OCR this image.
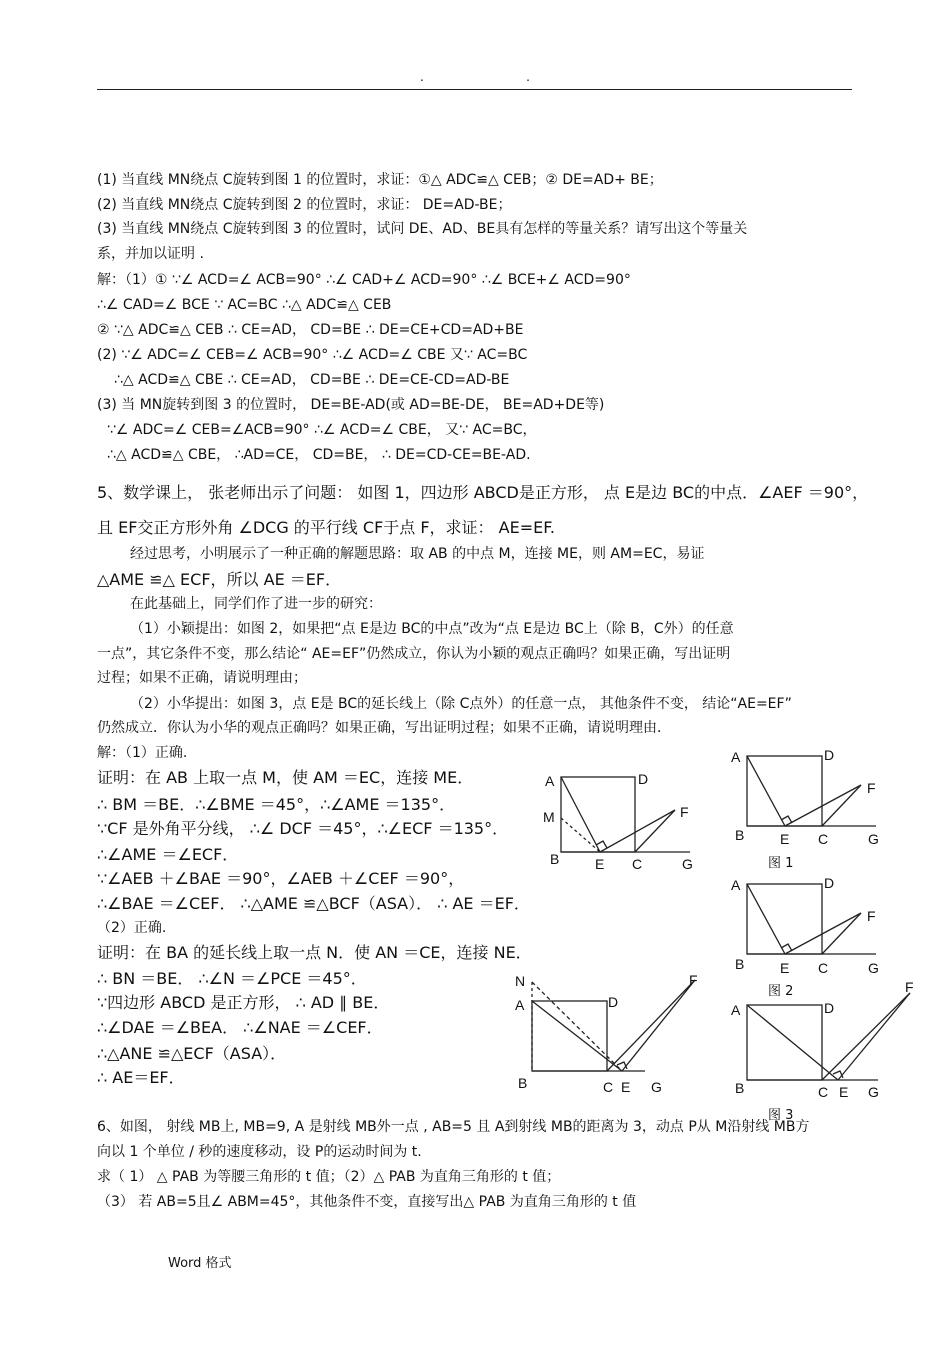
.	.
(1) 当直线 MN绕点 C旋转到图 1 的位置时，求证：①△ ADC≌△ CEB；② DE=AD+ BE；
(2) 当直线 MN绕点 C旋转到图 2 的位置时，求证： DE=AD-BE；
(3) 当直线 MN绕点 C旋转到图 3 的位置时，试问 DE、AD、BE具有怎样的等量关系？请写出这个等量关
系，并加以证明 .
解：（1）① ∵∠ ACD=∠ ACB=90° ∴∠ CAD+∠ ACD=90° ∴∠ BCE+∠ ACD=90°
∴∠ CAD=∠ BCE ∵ AC=BC ∴△ ADC≌△ CEB
② ∵△ ADC≌△ CEB ∴ CE=AD， CD=BE ∴ DE=CE+CD=AD+BE
(2) ∵∠ ADC=∠ CEB=∠ ACB=90° ∴∠ ACD=∠ CBE 又∵ AC=BC
∴△ ACD≌△ CBE ∴ CE=AD， CD=BE ∴ DE=CE-CD=AD-BE
(3) 当 MN旋转到图 3 的位置时， DE=BE-AD(或 AD=BE-DE， BE=AD+DE等)
∵∠ ADC=∠ CEB=∠ACB=90° ∴∠ ACD=∠ CBE， 又∵ AC=BC，
∴△ ACD≌△ CBE， ∴AD=CE， CD=BE， ∴ DE=CD-CE=BE-AD.
5、数学课上， 张老师出示了问题： 如图 1，四边形 ABCD是正方形， 点 E是边 BC的中点．∠AEF ＝90°，
且 EF交正方形外角 ∠DCG 的平行线 CF于点 F，求证： AE=EF.
经过思考，小明展示了一种正确的解题思路：取 AB 的中点 M，连接 ME，则 AM=EC，易证
△AME ≌△ ECF，所以 AE ＝EF．
在此基础上，同学们作了进一步的研究：
（1）小颖提出：如图 2，如果把“点 E是边 BC的中点”改为“点 E是边 BC上（除 B，C外）的任意
一点”，其它条件不变，那么结论“ AE=EF”仍然成立，你认为小颖的观点正确吗？如果正确，写出证明
过程；如果不正确，请说明理由；
（2）小华提出：如图 3，点 E是 BC的延长线上（除 C点外）的任意一点， 其他条件不变， 结论“AE=EF”
仍然成立．你认为小华的观点正确吗？如果正确，写出证明过程；如果不正确，请说明理由．
解：（1）正确.
证明：在 AB 上取一点 M，使 AM ＝EC，连接 ME．
∴ BM ＝BE．∴∠BME ＝45°，∴∠AME ＝135°．
∵CF 是外角平分线， ∴∠ DCF ＝45°，∴∠ECF ＝135°．
∴∠AME ＝∠ECF．
∵∠AEB ＋∠BAE ＝90°，∠AEB ＋∠CEF ＝90°，
∴∠BAE ＝∠CEF． ∴△AME ≌△BCF（ASA）． ∴ AE ＝EF．
（2）正确.
证明：在 BA 的延长线上取一点 N．使 AN ＝CE，连接 NE．
∴ BN ＝BE． ∴∠N ＝∠PCE ＝45°．
∵四边形 ABCD 是正方形， ∴ AD ∥ BE．
∴∠DAE ＝∠BEA． ∴∠NAE ＝∠CEF．
∴△ANE ≌△ECF（ASA）．
∴ AE＝EF．
6、如图， 射线 MB上, MB=9, A 是射线 MB外一点 , AB=5 且 A到射线 MB的距离为 3，动点 P从 M沿射线 MB方
向以 1 个单位 / 秒的速度移动，设 P的运动时间为 t.
求（ 1） △ PAB 为等腰三角形的 t 值；（2）△ PAB 为直角三角形的 t 值；
（3） 若 AB=5且∠ ABM=45°，其他条件不变，直接写出△ PAB 为直角三角形的 t 值
A	D
M	F
B	E C	G
A	D
F
B	E C	G
图 1
A	D
F
B	E C	G
图 2
N
A	D
F
B	C E G
A	D
F
B	C E G
图 3
Word 格式
